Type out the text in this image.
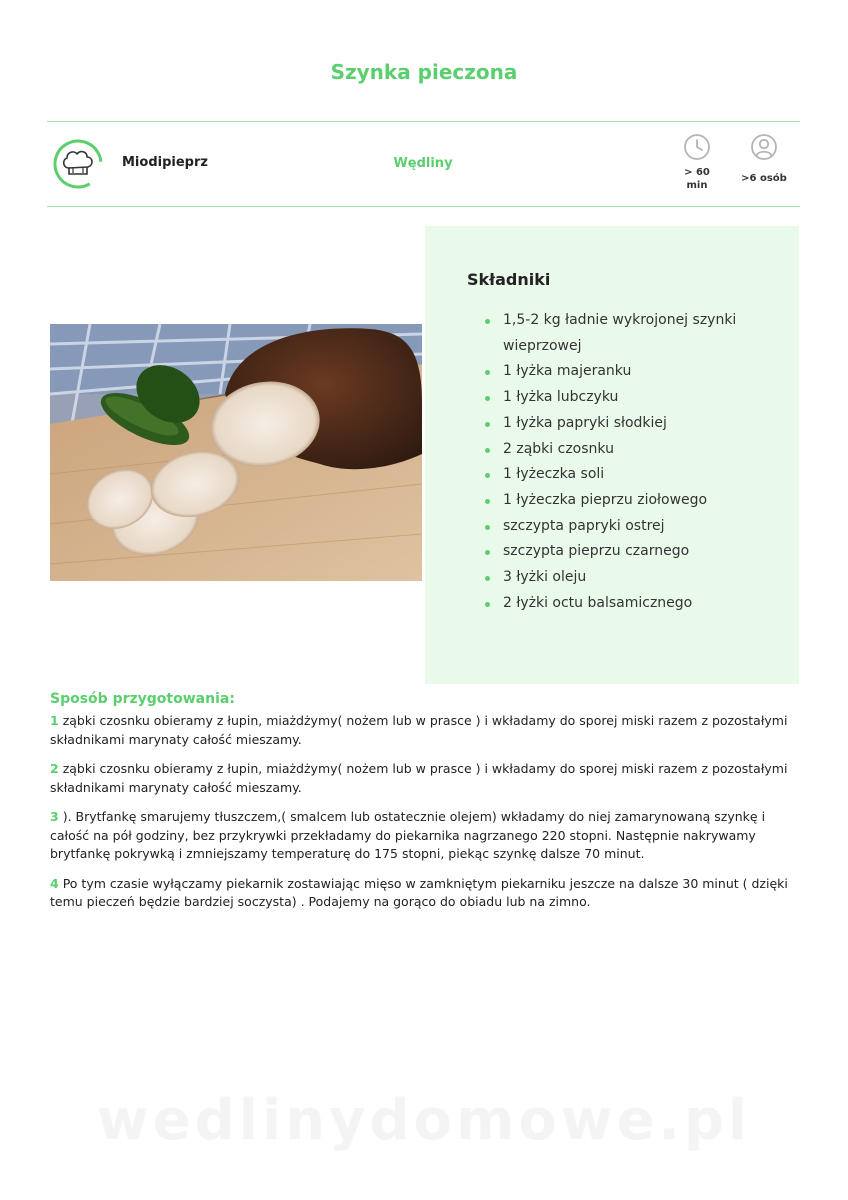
Szynka pieczona
Miodipieprz	Wędliny
> 60
min
>6 osób
Składniki
1,5-2 kg ładnie wykrojonej szynki wieprzowej
1 łyżka majeranku
1 łyżka lubczyku
1 łyżka papryki słodkiej
2 ząbki czosnku
1 łyżeczka soli
1 łyżeczka pieprzu ziołowego
szczypta papryki ostrej
szczypta pieprzu czarnego
3 łyżki oleju
2 łyżki octu balsamicznego
Sposób przygotowania:

1 ząbki czosnku obieramy z łupin, miażdżymy( nożem lub w prasce ) i wkładamy do sporej miski razem z pozostałymi składnikami marynaty całość mieszamy.

2 ząbki czosnku obieramy z łupin, miażdżymy( nożem lub w prasce ) i wkładamy do sporej miski razem z pozostałymi składnikami marynaty całość mieszamy.

3 ). Brytfankę smarujemy tłuszczem,( smalcem lub ostatecznie olejem) wkładamy do niej zamarynowaną szynkę i całość na pół godziny, bez przykrywki przekładamy do piekarnika nagrzanego 220 stopni. Następnie nakrywamy brytfankę pokrywką i zmniejszamy temperaturę do 175 stopni, piekąc szynkę dalsze 70 minut.

4 Po tym czasie wyłączamy piekarnik zostawiając mięso w zamkniętym piekarniku jeszcze na dalsze 30 minut ( dzięki temu pieczeń będzie bardziej soczysta) . Podajemy na gorąco do obiadu lub na zimno.

wedlinydomowe.pl
